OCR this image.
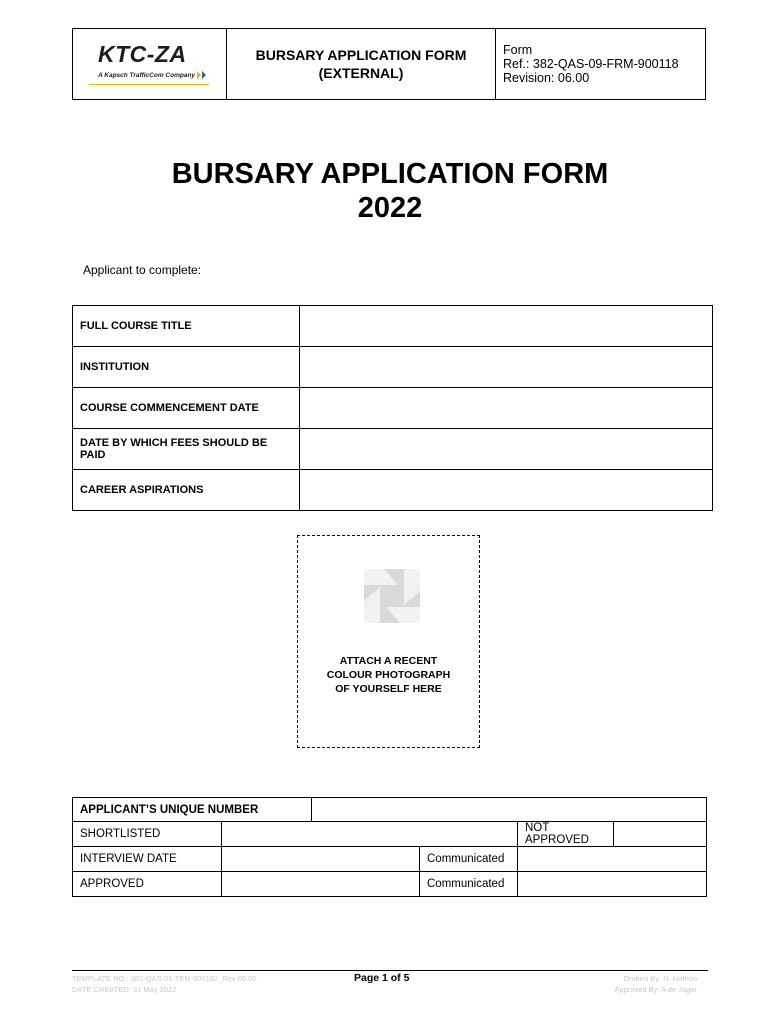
KTC-ZA
A Kapsch TrafficCom Company
BURSARY APPLICATION FORM
(EXTERNAL)
Form
Ref.: 382-QAS-09-FRM-900118
Revision: 06.00
BURSARY APPLICATION FORM
2022
Applicant to complete:
FULL COURSE TITLE	
INSTITUTION	
COURSE COMMENCEMENT DATE	
DATE BY WHICH FEES SHOULD BE PAID	
CAREER ASPIRATIONS	
ATTACH A RECENT
COLOUR PHOTOGRAPH
OF YOURSELF HERE
APPLICANT’S UNIQUE NUMBER
SHORTLISTED	NOT APPROVED
INTERVIEW DATE	Communicated
APPROVED	Communicated
TEMPLATE NO.: 382-QAS-01-TEM-900182_Rev 06.00
DATE CREATED: 31 May 2022
Page 1 of 5	Drafted By: N. Nathoo
Approved By: A de Jager
